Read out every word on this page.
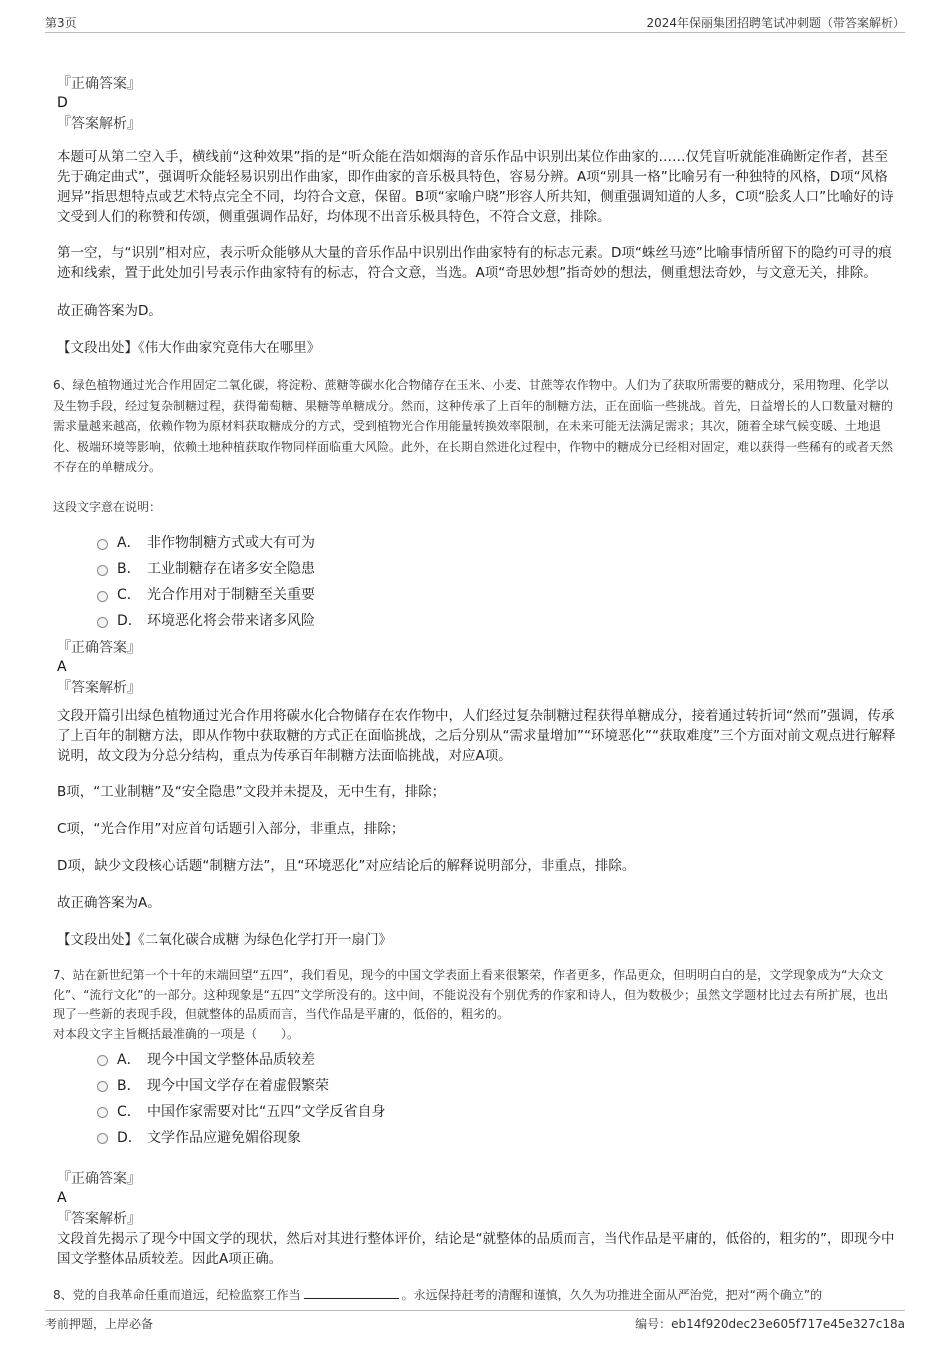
第3页	2024年保丽集团招聘笔试冲刺题（带答案解析）
『正确答案』
D
『答案解析』

本题可从第二空入手，横线前“这种效果”指的是“听众能在浩如烟海的音乐作品中识别出某位作曲家的……仅凭盲听就能准确断定作者，甚至先于确定曲式”，强调听众能轻易识别出作曲家，即作曲家的音乐极具特色，容易分辨。A项“别具一格”比喻另有一种独特的风格，D项“风格迥异”指思想特点或艺术特点完全不同，均符合文意，保留。B项“家喻户晓”形容人所共知，侧重强调知道的人多，C项“脍炙人口”比喻好的诗文受到人们的称赞和传颂，侧重强调作品好，均体现不出音乐极具特色，不符合文意，排除。

第一空，与“识别”相对应，表示听众能够从大量的音乐作品中识别出作曲家特有的标志元素。D项“蛛丝马迹”比喻事情所留下的隐约可寻的痕迹和线索，置于此处加引号表示作曲家特有的标志，符合文意，当选。A项“奇思妙想”指奇妙的想法，侧重想法奇妙，与文意无关，排除。

故正确答案为D。

【文段出处】《伟大作曲家究竟伟大在哪里》

6、绿色植物通过光合作用固定二氧化碳，将淀粉、蔗糖等碳水化合物储存在玉米、小麦、甘蔗等农作物中。人们为了获取所需要的糖成分，采用物理、化学以及生物手段，经过复杂制糖过程，获得葡萄糖、果糖等单糖成分。然而，这种传承了上百年的制糖方法，正在面临一些挑战。首先，日益增长的人口数量对糖的需求量越来越高，依赖作物为原材料获取糖成分的方式，受到植物光合作用能量转换效率限制，在未来可能无法满足需求；其次，随着全球气候变暖、土地退化、极端环境等影响，依赖土地种植获取作物同样面临重大风险。此外，在长期自然进化过程中，作物中的糖成分已经相对固定，难以获得一些稀有的或者天然不存在的单糖成分。

这段文字意在说明：

A． 非作物制糖方式或大有可为
B． 工业制糖存在诸多安全隐患
C． 光合作用对于制糖至关重要
D． 环境恶化将会带来诸多风险
『正确答案』
A
『答案解析』

文段开篇引出绿色植物通过光合作用将碳水化合物储存在农作物中，人们经过复杂制糖过程获得单糖成分，接着通过转折词“然而”强调，传承了上百年的制糖方法，即从作物中获取糖的方式正在面临挑战，之后分别从“需求量增加”“环境恶化”“获取难度”三个方面对前文观点进行解释说明，故文段为分总分结构，重点为传承百年制糖方法面临挑战，对应A项。

B项，“工业制糖”及“安全隐患”文段并未提及，无中生有，排除；

C项，“光合作用”对应首句话题引入部分，非重点，排除；

D项，缺少文段核心话题“制糖方法”，且“环境恶化”对应结论后的解释说明部分，非重点，排除。

故正确答案为A。

【文段出处】《二氧化碳合成糖 为绿色化学打开一扇门》

7、站在新世纪第一个十年的末端回望“五四”，我们看见，现今的中国文学表面上看来很繁荣，作者更多，作品更众，但明明白白的是，文学现象成为“大众文化”、“流行文化”的一部分。这种现象是“五四”文学所没有的。这中间，不能说没有个别优秀的作家和诗人，但为数极少；虽然文学题材比过去有所扩展，也出现了一些新的表现手段，但就整体的品质而言，当代作品是平庸的，低俗的，粗劣的。

对本段文字主旨概括最准确的一项是（　　）。

A． 现今中国文学整体品质较差
B． 现今中国文学存在着虚假繁荣
C． 中国作家需要对比“五四”文学反省自身
D． 文学作品应避免媚俗现象
『正确答案』
A
『答案解析』

文段首先揭示了现今中国文学的现状，然后对其进行整体评价，结论是“就整体的品质而言，当代作品是平庸的，低俗的，粗劣的”，即现今中国文学整体品质较差。因此A项正确。

8、党的自我革命任重而道远，纪检监察工作当	。永远保持赶考的清醒和谨慎，久久为功推进全面从严治党，把对“两个确立”的

考前押题，上岸必备	编号：eb14f920dec23e605f717e45e327c18a
